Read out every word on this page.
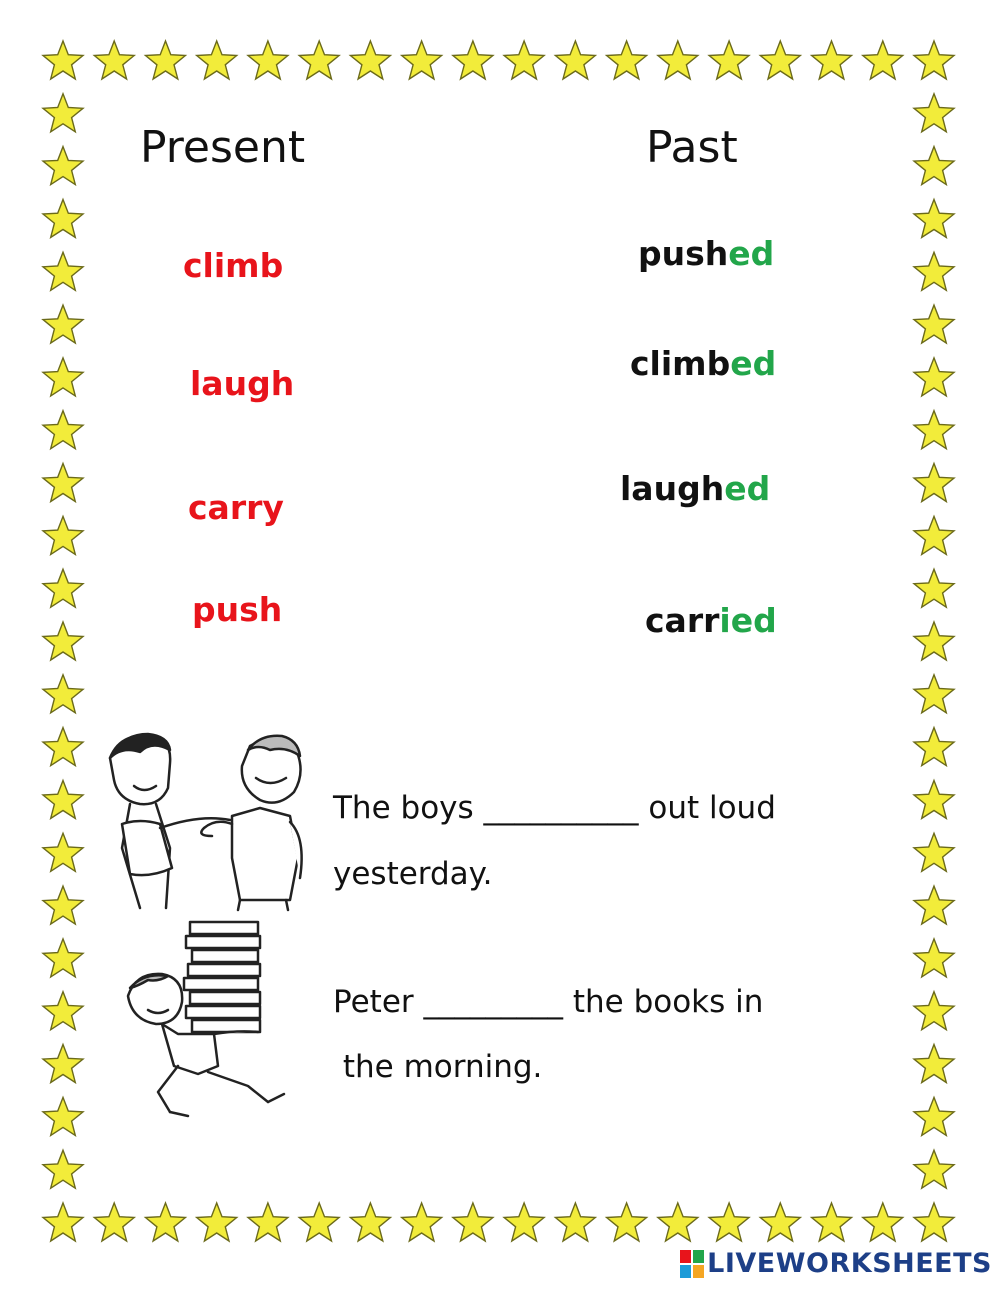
Present	Past
climb
laugh
carry
push
pushed
climbed
laughed
carried
The boys __________ out loud
yesterday.
Peter _________ the books in
the morning.
LIVEWORKSHEETS
